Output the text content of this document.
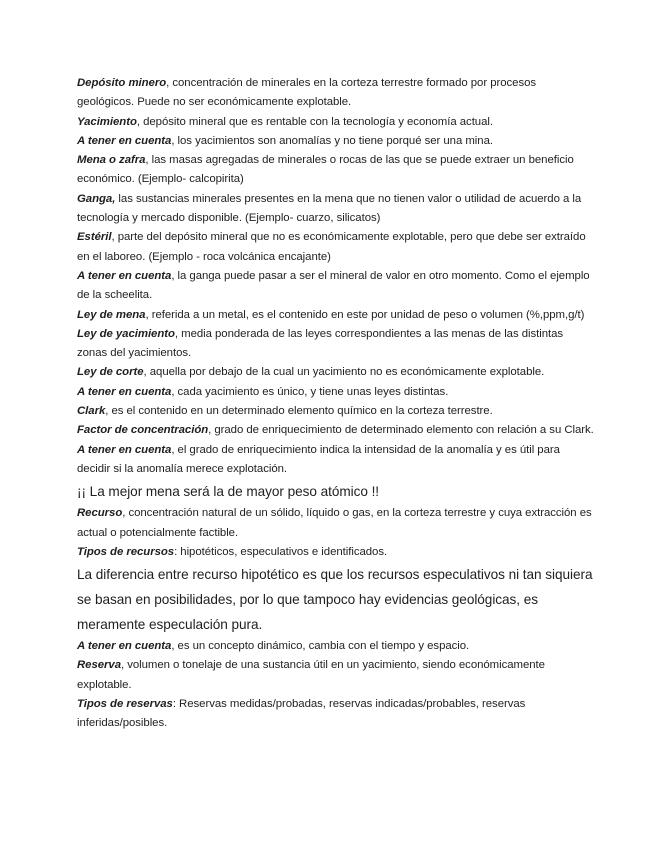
Depósito minero, concentración de minerales en la corteza terrestre formado por procesos geológicos. Puede no ser económicamente explotable.

Yacimiento, depósito mineral que es rentable con la tecnología y economía actual.

A tener en cuenta, los yacimientos son anomalías y no tiene porqué ser una mina.

Mena o zafra, las masas agregadas de minerales o rocas de las que se puede extraer un beneficio económico. (Ejemplo- calcopirita)

Ganga, las sustancias minerales presentes en la mena que no tienen valor o utilidad de acuerdo a la tecnología y mercado disponible. (Ejemplo- cuarzo, silicatos)

Estéril, parte del depósito mineral que no es económicamente explotable, pero que debe ser extraído en el laboreo. (Ejemplo - roca volcánica encajante)

A tener en cuenta, la ganga puede pasar a ser el mineral de valor en otro momento. Como el ejemplo de la scheelita.

Ley de mena, referida a un metal, es el contenido en este por unidad de peso o volumen (%,ppm,g/t)

Ley de yacimiento, media ponderada de las leyes correspondientes a las menas de las distintas zonas del yacimientos.

Ley de corte, aquella por debajo de la cual un yacimiento no es económicamente explotable.

A tener en cuenta, cada yacimiento es único, y tiene unas leyes distintas.

Clark, es el contenido en un determinado elemento químico en la corteza terrestre.

Factor de concentración, grado de enriquecimiento de determinado elemento con relación a su Clark.

A tener en cuenta, el grado de enriquecimiento indica la intensidad de la anomalía y es útil para decidir si la anomalía merece explotación.

¡¡ La mejor mena será la de mayor peso atómico !!

Recurso, concentración natural de un sólido, líquido o gas, en la corteza terrestre y cuya extracción es actual o potencialmente factible.

Tipos de recursos: hipotéticos, especulativos e identificados.

La diferencia entre recurso hipotético es que los recursos especulativos ni tan siquiera se basan en posibilidades, por lo que tampoco hay evidencias geológicas, es meramente especulación pura.

A tener en cuenta, es un concepto dinámico, cambia con el tiempo y espacio.

Reserva, volumen o tonelaje de una sustancia útil en un yacimiento, siendo económicamente explotable.

Tipos de reservas: Reservas medidas/probadas, reservas indicadas/probables, reservas inferidas/posibles.
